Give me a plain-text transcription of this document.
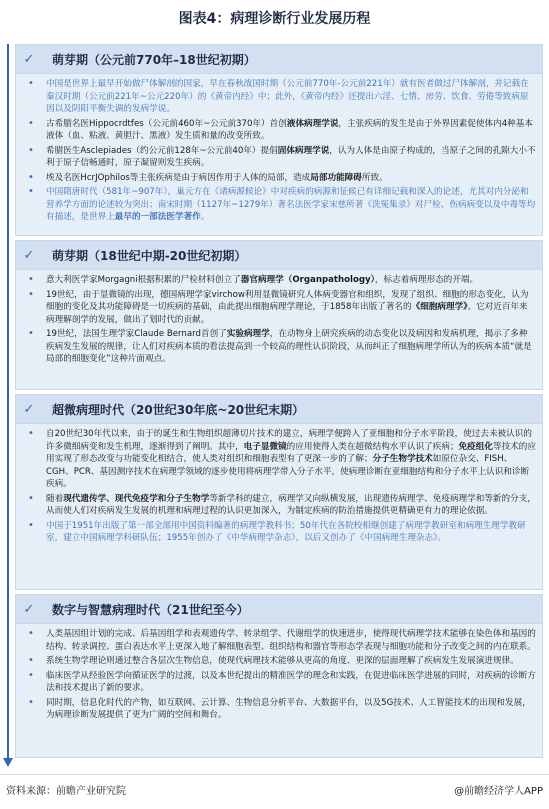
图表4：病理诊断行业发展历程
✓	萌芽期（公元前770年–18世纪初期）
•	中国是世界上最早开始做尸体解剖的国家，早在春秋战国时期（公元前770年-公元前221年）就有医者做过尸体解剖，并记载在秦汉时期（公元前221年~公元220年）的《黄帝内经》中；此外，《黄帝内经》还提出六淫、七情、房劳、饮食、劳倦等致病原因以及阴阳平衡失调的发病学说。
•	古希腊名医Hippocrdtfes（公元前460年~公元前370年）首创液体病理学说，主张疾病的发生是由于外界因素促使体内4种基本液体（血、粘液、黄胆汁、黑液）发生质和量的改变所致。
•	希腊医生Asclepiades（约公元前128年~公元前40年）提倡固体病理学说，认为人体是由原子构成的，当原子之间的孔隙大小不利于原子信畅通时，原子凝留则发生疾病。
•	埃及名医HcrJOphilos等主张疾病是由于病因作用于人体的局部，造成局部功能障碍所致。
•	中国隋唐时代（581年~907年），巢元方在《诸病源候论》中对疾病的病源和征候已有详细记载和深入的论述，尤其对内分泌和营养学方面的论述较为突出；南宋时期（1127年~1279年）著名法医学家宋慈所著《洗冤集录》对尸检、伤病病变以及中毒等均有描述，是世界上最早的一部法医学著作。
✓	萌芽期（18世纪中期-20世纪初期）
•	意大利医学家Morgagni根据积累的尸检材料创立了器官病理学（Organpathology），标志着病理形态的开端。
•	19世纪，由于显微镜的出现，德国病理学家virchow利用显微镜研究人体病变器官和组织，发现了组织、细胞的形态变化，认为细胞的变化及其功能障碍是一切疾病的基础，由此提出细胞病理学理论，于1858年出版了著名的《细胞病理学》。它对近百年来病理解剖学的发展，做出了划时代的贡献。
•	19世纪，法国生理学家Claude Bernard首创了实验病理学，在动物身上研究疾病的动态变化以及病因和发病机理，揭示了多种疾病发生发展的规律，让人们对疾病本质的看法提高到一个较高的理性认识阶段，从而纠正了细胞病理学所认为的疾病本质“就是局部的细胞变化”这种片面观点。
✓	超微病理时代（20世纪30年底~20世纪末期）
•	自20世纪30年代以来，由于的诞生和生物组织超薄切片技术的建立，病理学便跨入了亚细胞和分子水平阶段，使过去未被认识的许多微细病变和发生机理，逐渐得到了阐明。其中，电子显微镜的应用使得人类在超微结构水平认识了疾病；免疫组化等技术的应用实现了形态改变与功能变化相结合，使人类对组织和细胞表型有了更深一步的了解；分子生物学技术如原位杂交、FISH、CGH、PCR、基因测序技术在病理学领域的逐步使用将病理学带入分子水平，使病理诊断在亚细胞结构和分子水平上认识和诊断疾病。
•	随着现代遗传学、现代免疫学和分子生物学等新学科的建立，病理学又向纵横发展，出现遗传病理学、免疫病理学和等新的分支，从而使人们对疾病发生发展的机理和病理过程的认识更加深入，为制定疾病的防治措施提供更精确更有力的理论依据。
•	中国于1951年出版了第一部全部用中国资料编著的病理学教科书；50年代在各院校相继创建了病理学教研室和病理生理学教研室，建立中国病理学科研队伍；1955年创办了《中华病理学杂志》，以后又创办了《中国病理生理杂志》。
✓	数字与智慧病理时代（21世纪至今）
•	人类基因组计划的完成、后基因组学和表观遗传学、转录组学、代谢组学的快速进步，使得现代病理学技术能够在染色体和基因的结构、转录调控、蛋白表达水平上更深入地了解细胞表型、组织结构和器官等形态学表现与细胞功能和分子改变之间的内在联系。
•	系统生物学理论则通过整合各层次生物信息，使现代病理技术能够从更高的角度、更深的层面理解了疾病发生发展演进规律。
•	临床医学从经验医学向循证医学的过渡，以及本世纪提出的精准医学的理念和实践，在促进临床医学进展的同时，对疾病的诊断方法和技术提出了新的要求。
•	同时期，信息化时代的产物，如互联网、云计算、生物信息分析平台、大数据平台，以及5G技术、人工智能技术的出现和发展，为病理诊断发展提供了更为广阔的空间和舞台。
资料来源：前瞻产业研究院	@前瞻经济学人APP
